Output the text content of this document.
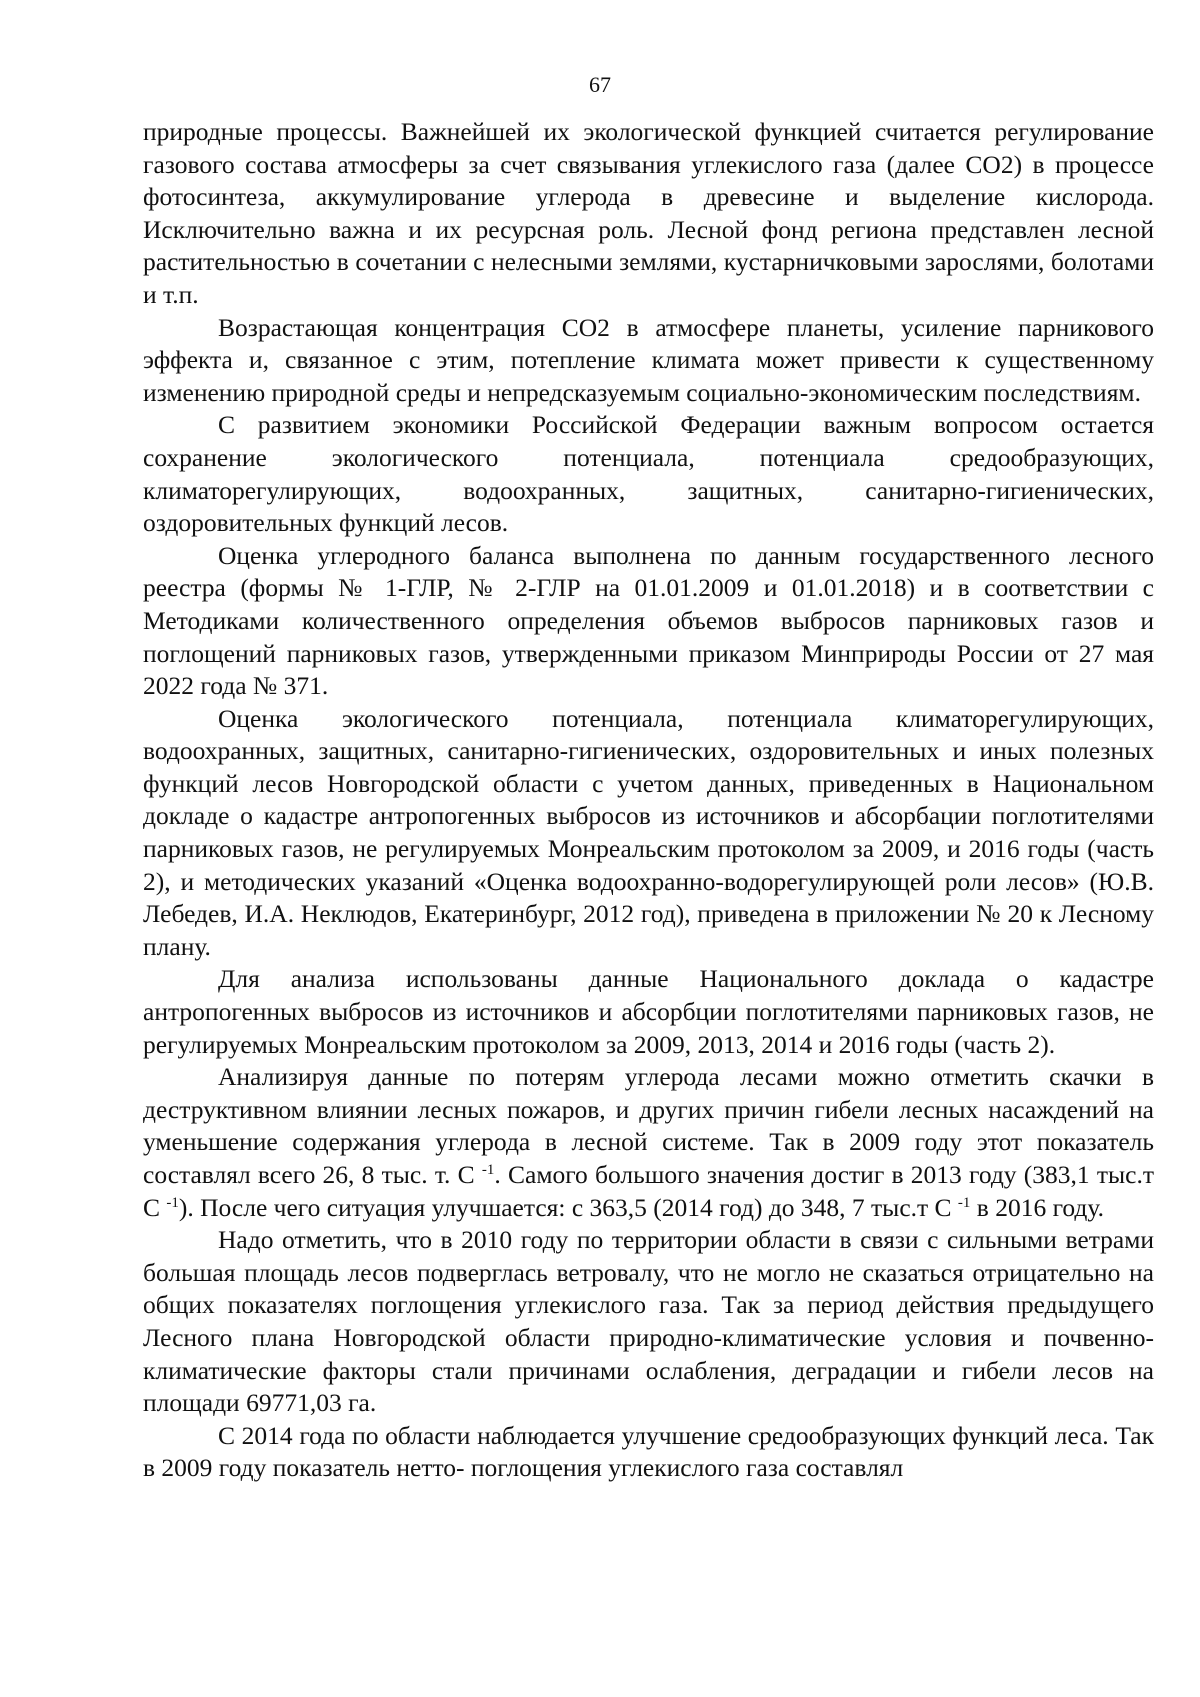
67

природные процессы. Важнейшей их экологической функцией считается регулирование газового состава атмосферы за счет связывания углекислого газа (далее СО2) в процессе фотосинтеза, аккумулирование углерода в древесине и выделение кислорода. Исключительно важна и их ресурсная роль. Лесной фонд региона представлен лесной растительностью в сочетании с нелесными землями, кустарничковыми зарослями, болотами и т.п.

Возрастающая концентрация СО2 в атмосфере планеты, усиление парникового эффекта и, связанное с этим, потепление климата может привести к существенному изменению природной среды и непредсказуемым социально-экономическим последствиям.

С развитием экономики Российской Федерации важным вопросом остается сохранение экологического потенциала, потенциала средообразующих, климаторегулирующих, водоохранных, защитных, санитарно-гигиенических, оздоровительных функций лесов.

Оценка углеродного баланса выполнена по данным государственного лесного реестра (формы № 1-ГЛР, № 2-ГЛР на 01.01.2009 и 01.01.2018) и в соответствии с Методиками количественного определения объемов выбросов парниковых газов и поглощений парниковых газов, утвержденными приказом Минприроды России от 27 мая 2022 года № 371.

Оценка экологического потенциала, потенциала климаторегулирующих, водоохранных, защитных, санитарно-гигиенических, оздоровительных и иных полезных функций лесов Новгородской области с учетом данных, приведенных в Национальном докладе о кадастре антропогенных выбросов из источников и абсорбации поглотителями парниковых газов, не регулируемых Монреальским протоколом за 2009, и 2016 годы (часть 2), и методических указаний «Оценка водоохранно-водорегулирующей роли лесов» (Ю.В. Лебедев, И.А. Неклюдов, Екатеринбург, 2012 год), приведена в приложении № 20 к Лесному плану.

Для анализа использованы данные Национального доклада о кадастре антропогенных выбросов из источников и абсорбции поглотителями парниковых газов, не регулируемых Монреальским протоколом за 2009, 2013, 2014 и 2016 годы (часть 2).

Анализируя данные по потерям углерода лесами можно отметить скачки в деструктивном влиянии лесных пожаров, и других причин гибели лесных насаждений на уменьшение содержания углерода в лесной системе. Так в 2009 году этот показатель составлял всего 26, 8 тыс. т. С $^{-1}$. Самого большого значения достиг в 2013 году (383,1 тыс.т С $^{-1}$). После чего ситуация улучшается: с 363,5 (2014 год) до 348, 7 тыс.т С $^{-1}$ в 2016 году.

Надо отметить, что в 2010 году по территории области в связи с сильными ветрами большая площадь лесов подверглась ветровалу, что не могло не сказаться отрицательно на общих показателях поглощения углекислого газа. Так за период действия предыдущего Лесного плана Новгородской области природно-климатические условия и почвенно- климатические факторы стали причинами ослабления, деградации и гибели лесов на площади 69771,03 га.

С 2014 года по области наблюдается улучшение средообразующих функций леса. Так в 2009 году показатель нетто- поглощения углекислого газа составлял
